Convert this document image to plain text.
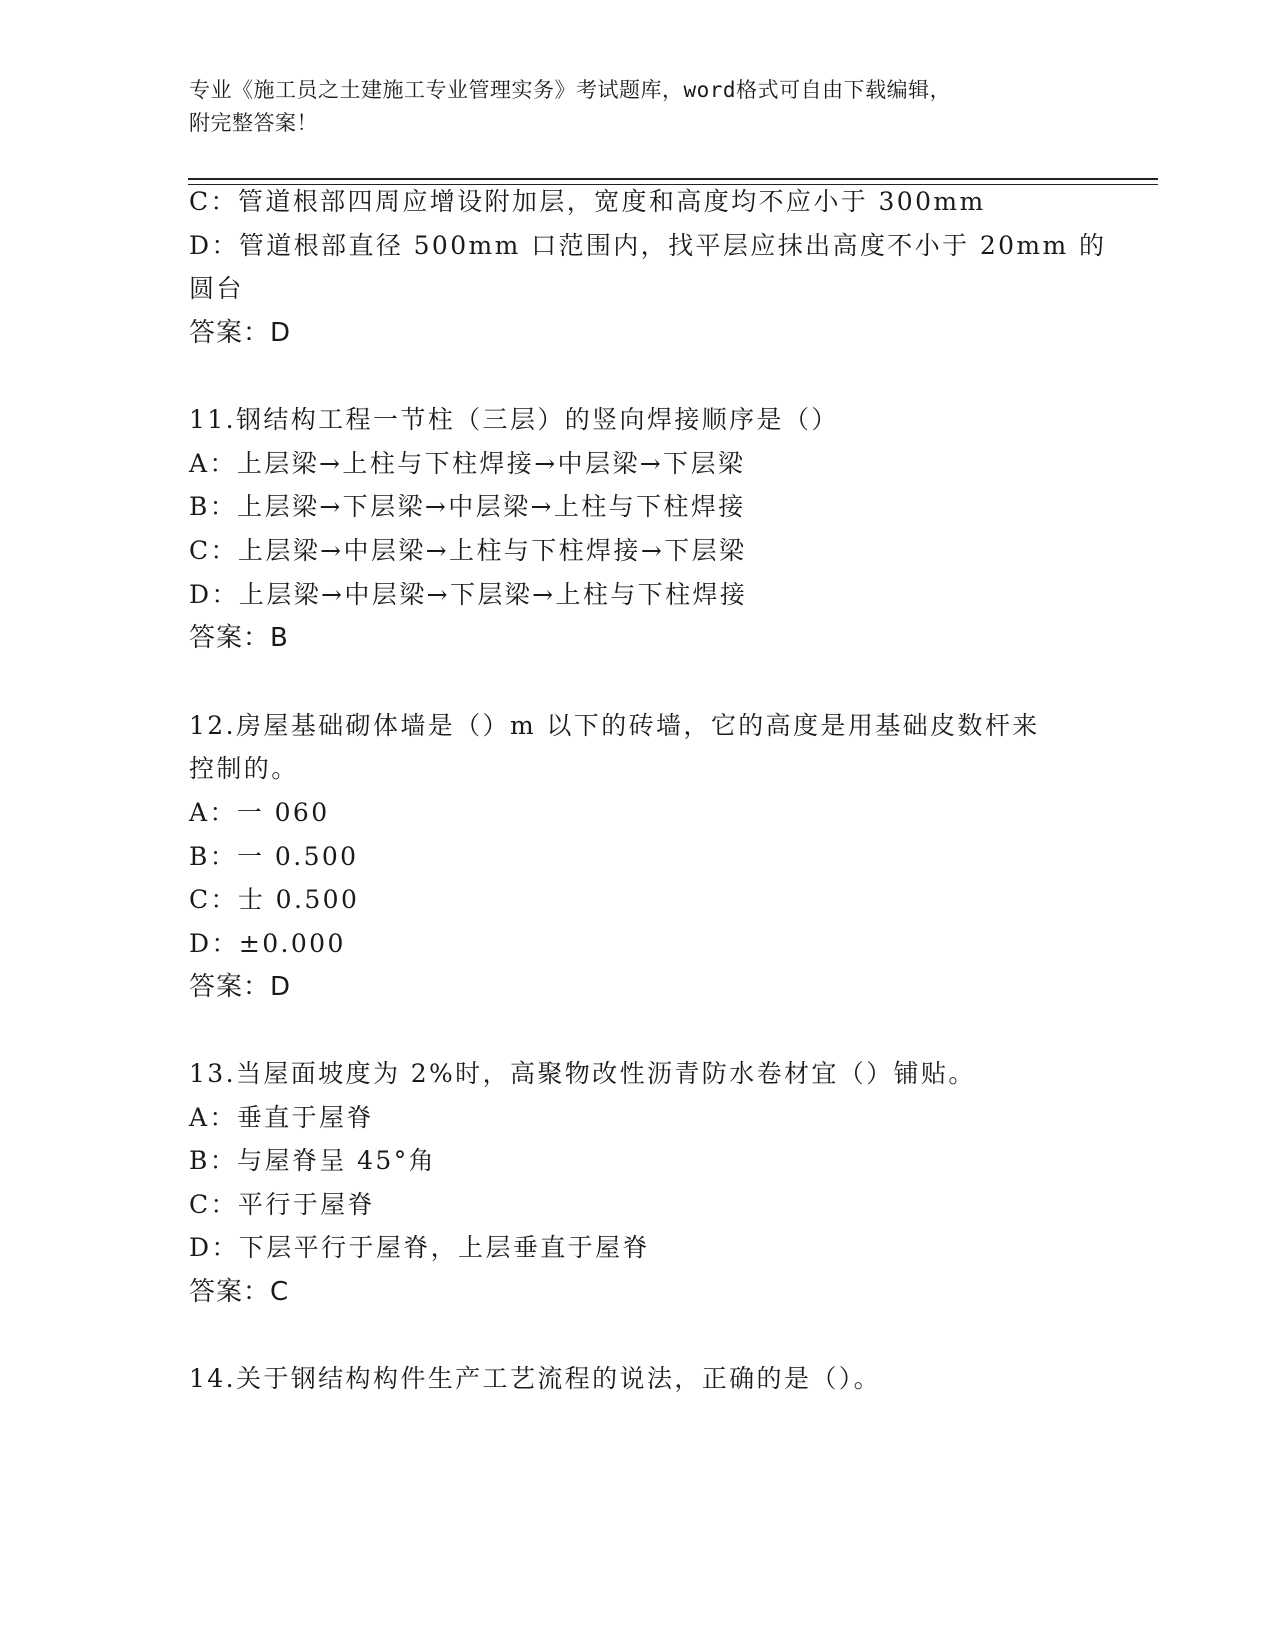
专业《施工员之土建施工专业管理实务》考试题库，word格式可自由下载编辑，
附完整答案！
C：管道根部四周应增设附加层，宽度和高度均不应小于 300mm
D：管道根部直径 500mm 口范围内，找平层应抹出高度不小于 20mm 的
圆台
答案：D
11.钢结构工程一节柱（三层）的竖向焊接顺序是（）
A：上层梁→上柱与下柱焊接→中层梁→下层梁
B：上层梁→下层梁→中层梁→上柱与下柱焊接
C：上层梁→中层梁→上柱与下柱焊接→下层梁
D：上层梁→中层梁→下层梁→上柱与下柱焊接
答案：B
12.房屋基础砌体墙是（）m 以下的砖墙，它的高度是用基础皮数杆来
控制的。
A：一 060
B：一 0.500
C：士 0.500
D：±0.000
答案：D
13.当屋面坡度为 2%时，高聚物改性沥青防水卷材宜（）铺贴。
A：垂直于屋脊
B：与屋脊呈 45°角
C：平行于屋脊
D：下层平行于屋脊，上层垂直于屋脊
答案：C
14.关于钢结构构件生产工艺流程的说法，正确的是（）。
